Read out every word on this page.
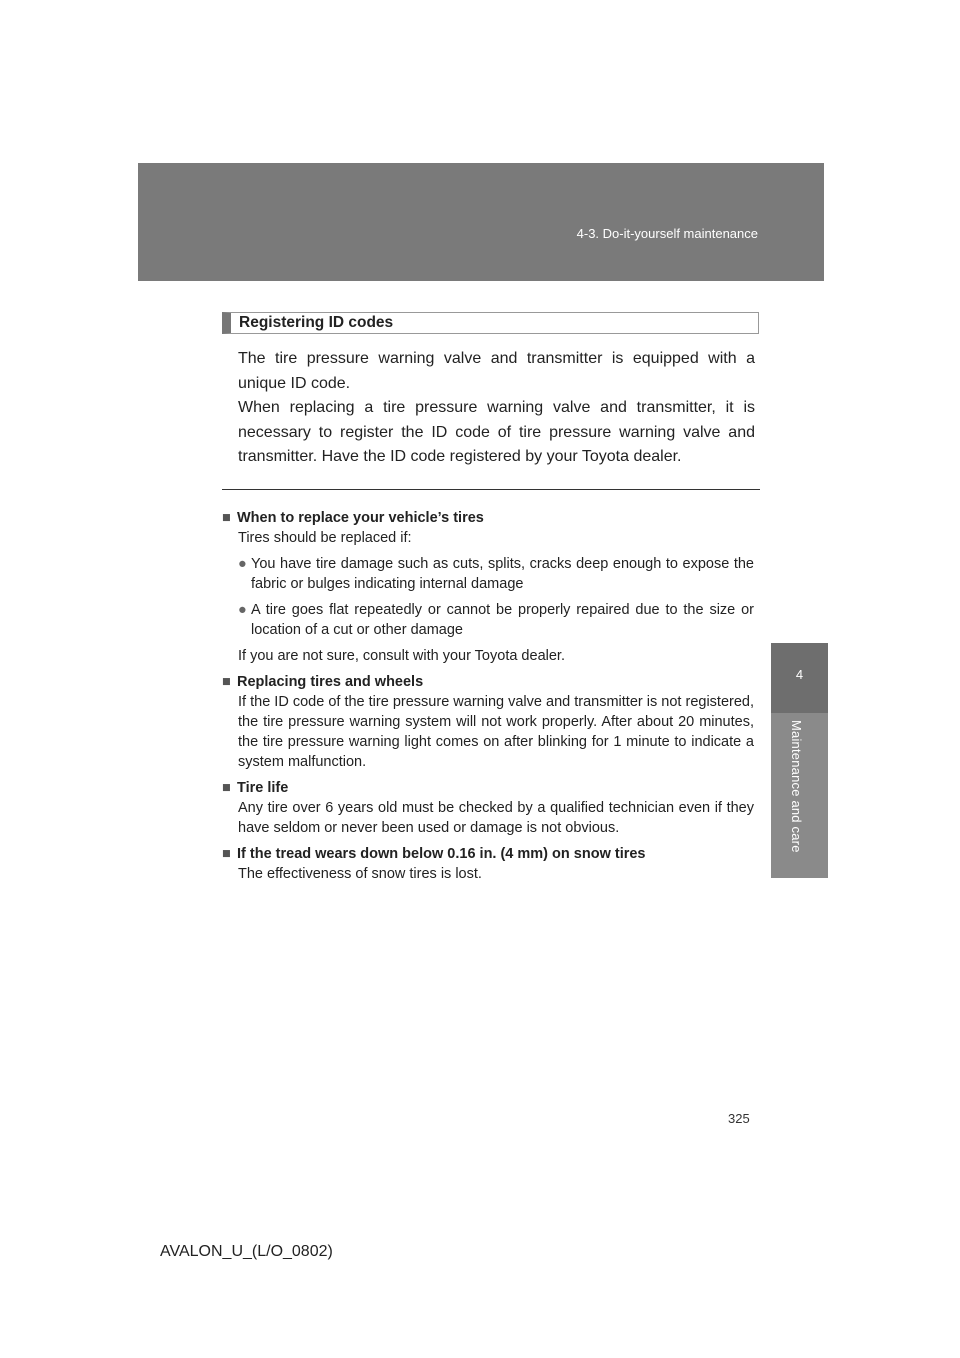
4-3. Do-it-yourself maintenance
4
Maintenance and care
Registering ID codes

The tire pressure warning valve and transmitter is equipped with a unique ID code.

When replacing a tire pressure warning valve and transmitter, it is necessary to register the ID code of tire pressure warning valve and transmitter. Have the ID code registered by your Toyota dealer.

■ When to replace your vehicle’s tires

Tires should be replaced if:

● You have tire damage such as cuts, splits, cracks deep enough to expose the fabric or bulges indicating internal damage

● A tire goes flat repeatedly or cannot be properly repaired due to the size or location of a cut or other damage

If you are not sure, consult with your Toyota dealer.

■ Replacing tires and wheels

If the ID code of the tire pressure warning valve and transmitter is not registered, the tire pressure warning system will not work properly. After about 20 minutes, the tire pressure warning light comes on after blinking for 1 minute to indicate a system malfunction.

■ Tire life

Any tire over 6 years old must be checked by a qualified technician even if they have seldom or never been used or damage is not obvious.

■ If the tread wears down below 0.16 in. (4 mm) on snow tires

The effectiveness of snow tires is lost.

325
AVALON_U_(L/O_0802)
